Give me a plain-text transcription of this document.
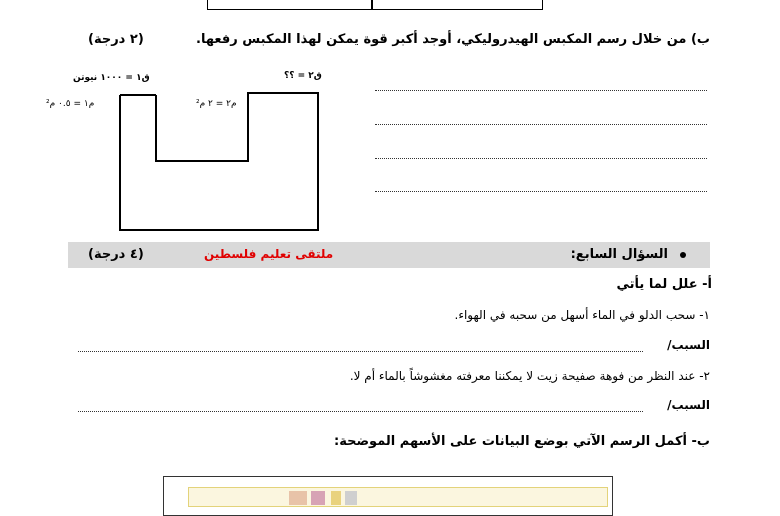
ب) من خلال رسم المكبس الهيدروليكي، أوجد أكبر قوة يمكن لهذا المكبس رفعها.
(٢ درجة)
ق١ = ١٠٠٠ نيوتن
م١ = ٠.٥ م²	م٢ = ٢ م²
ق٢ = ؟؟
السؤال السابع:
ملتقى تعليم فلسطين
(٤ درجة)
أ- علل لما يأتي
١- سحب الدلو في الماء أسهل من سحبه في الهواء.
السبب/
٢- عند النظر من فوهة صفيحة زيت لا يمكننا معرفته مغشوشاً بالماء أم لا.
السبب/
ب- أكمل الرسم الآتي بوضع البيانات على الأسهم الموضحة:
